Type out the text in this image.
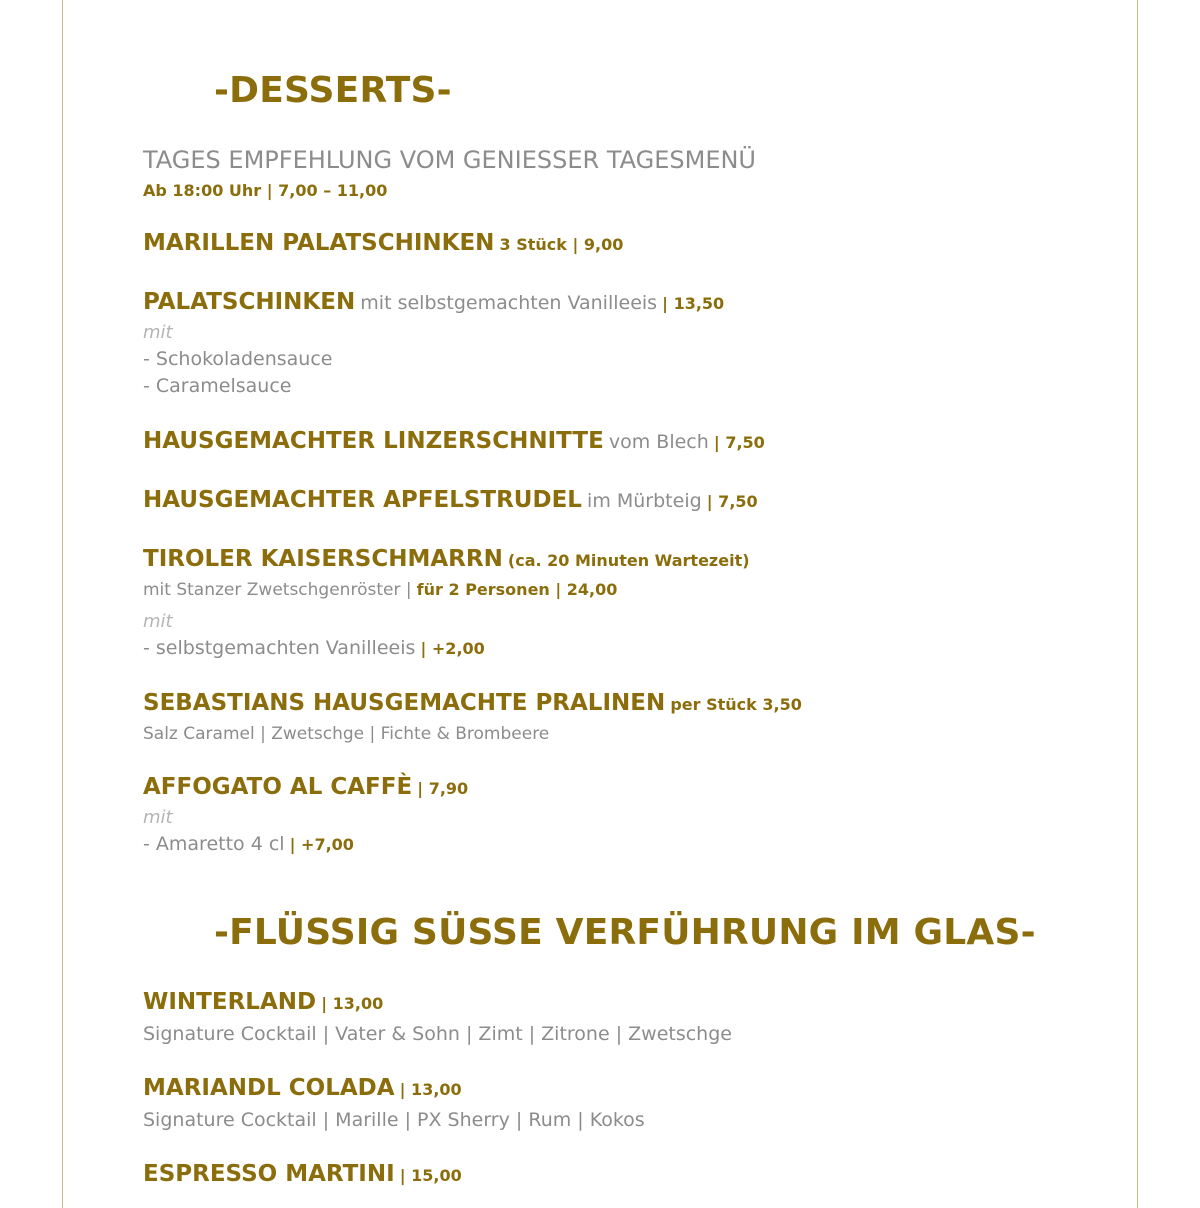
-DESSERTS-
TAGES EMPFEHLUNG VOM GENIESSER TAGESMENÜ
Ab 18:00 Uhr | 7,00 – 11,00
MARILLEN PALATSCHINKEN 3 Stück | 9,00
PALATSCHINKEN mit selbstgemachten Vanilleeis | 13,50
mit
- Schokoladensauce
- Caramelsauce
HAUSGEMACHTER LINZERSCHNITTE vom Blech | 7,50
HAUSGEMACHTER APFELSTRUDEL im Mürbteig | 7,50
TIROLER KAISERSCHMARRN (ca. 20 Minuten Wartezeit)
mit Stanzer Zwetschgenröster | für 2 Personen | 24,00
mit
- selbstgemachten Vanilleeis | +2,00
SEBASTIANS HAUSGEMACHTE PRALINEN per Stück 3,50
Salz Caramel | Zwetschge | Fichte & Brombeere
AFFOGATO AL CAFFÈ | 7,90
mit
- Amaretto 4 cl | +7,00
-FLÜSSIG SÜSSE VERFÜHRUNG IM GLAS-
WINTERLAND | 13,00
Signature Cocktail | Vater & Sohn | Zimt | Zitrone | Zwetschge
MARIANDL COLADA | 13,00
Signature Cocktail | Marille | PX Sherry | Rum | Kokos
ESPRESSO MARTINI | 15,00
